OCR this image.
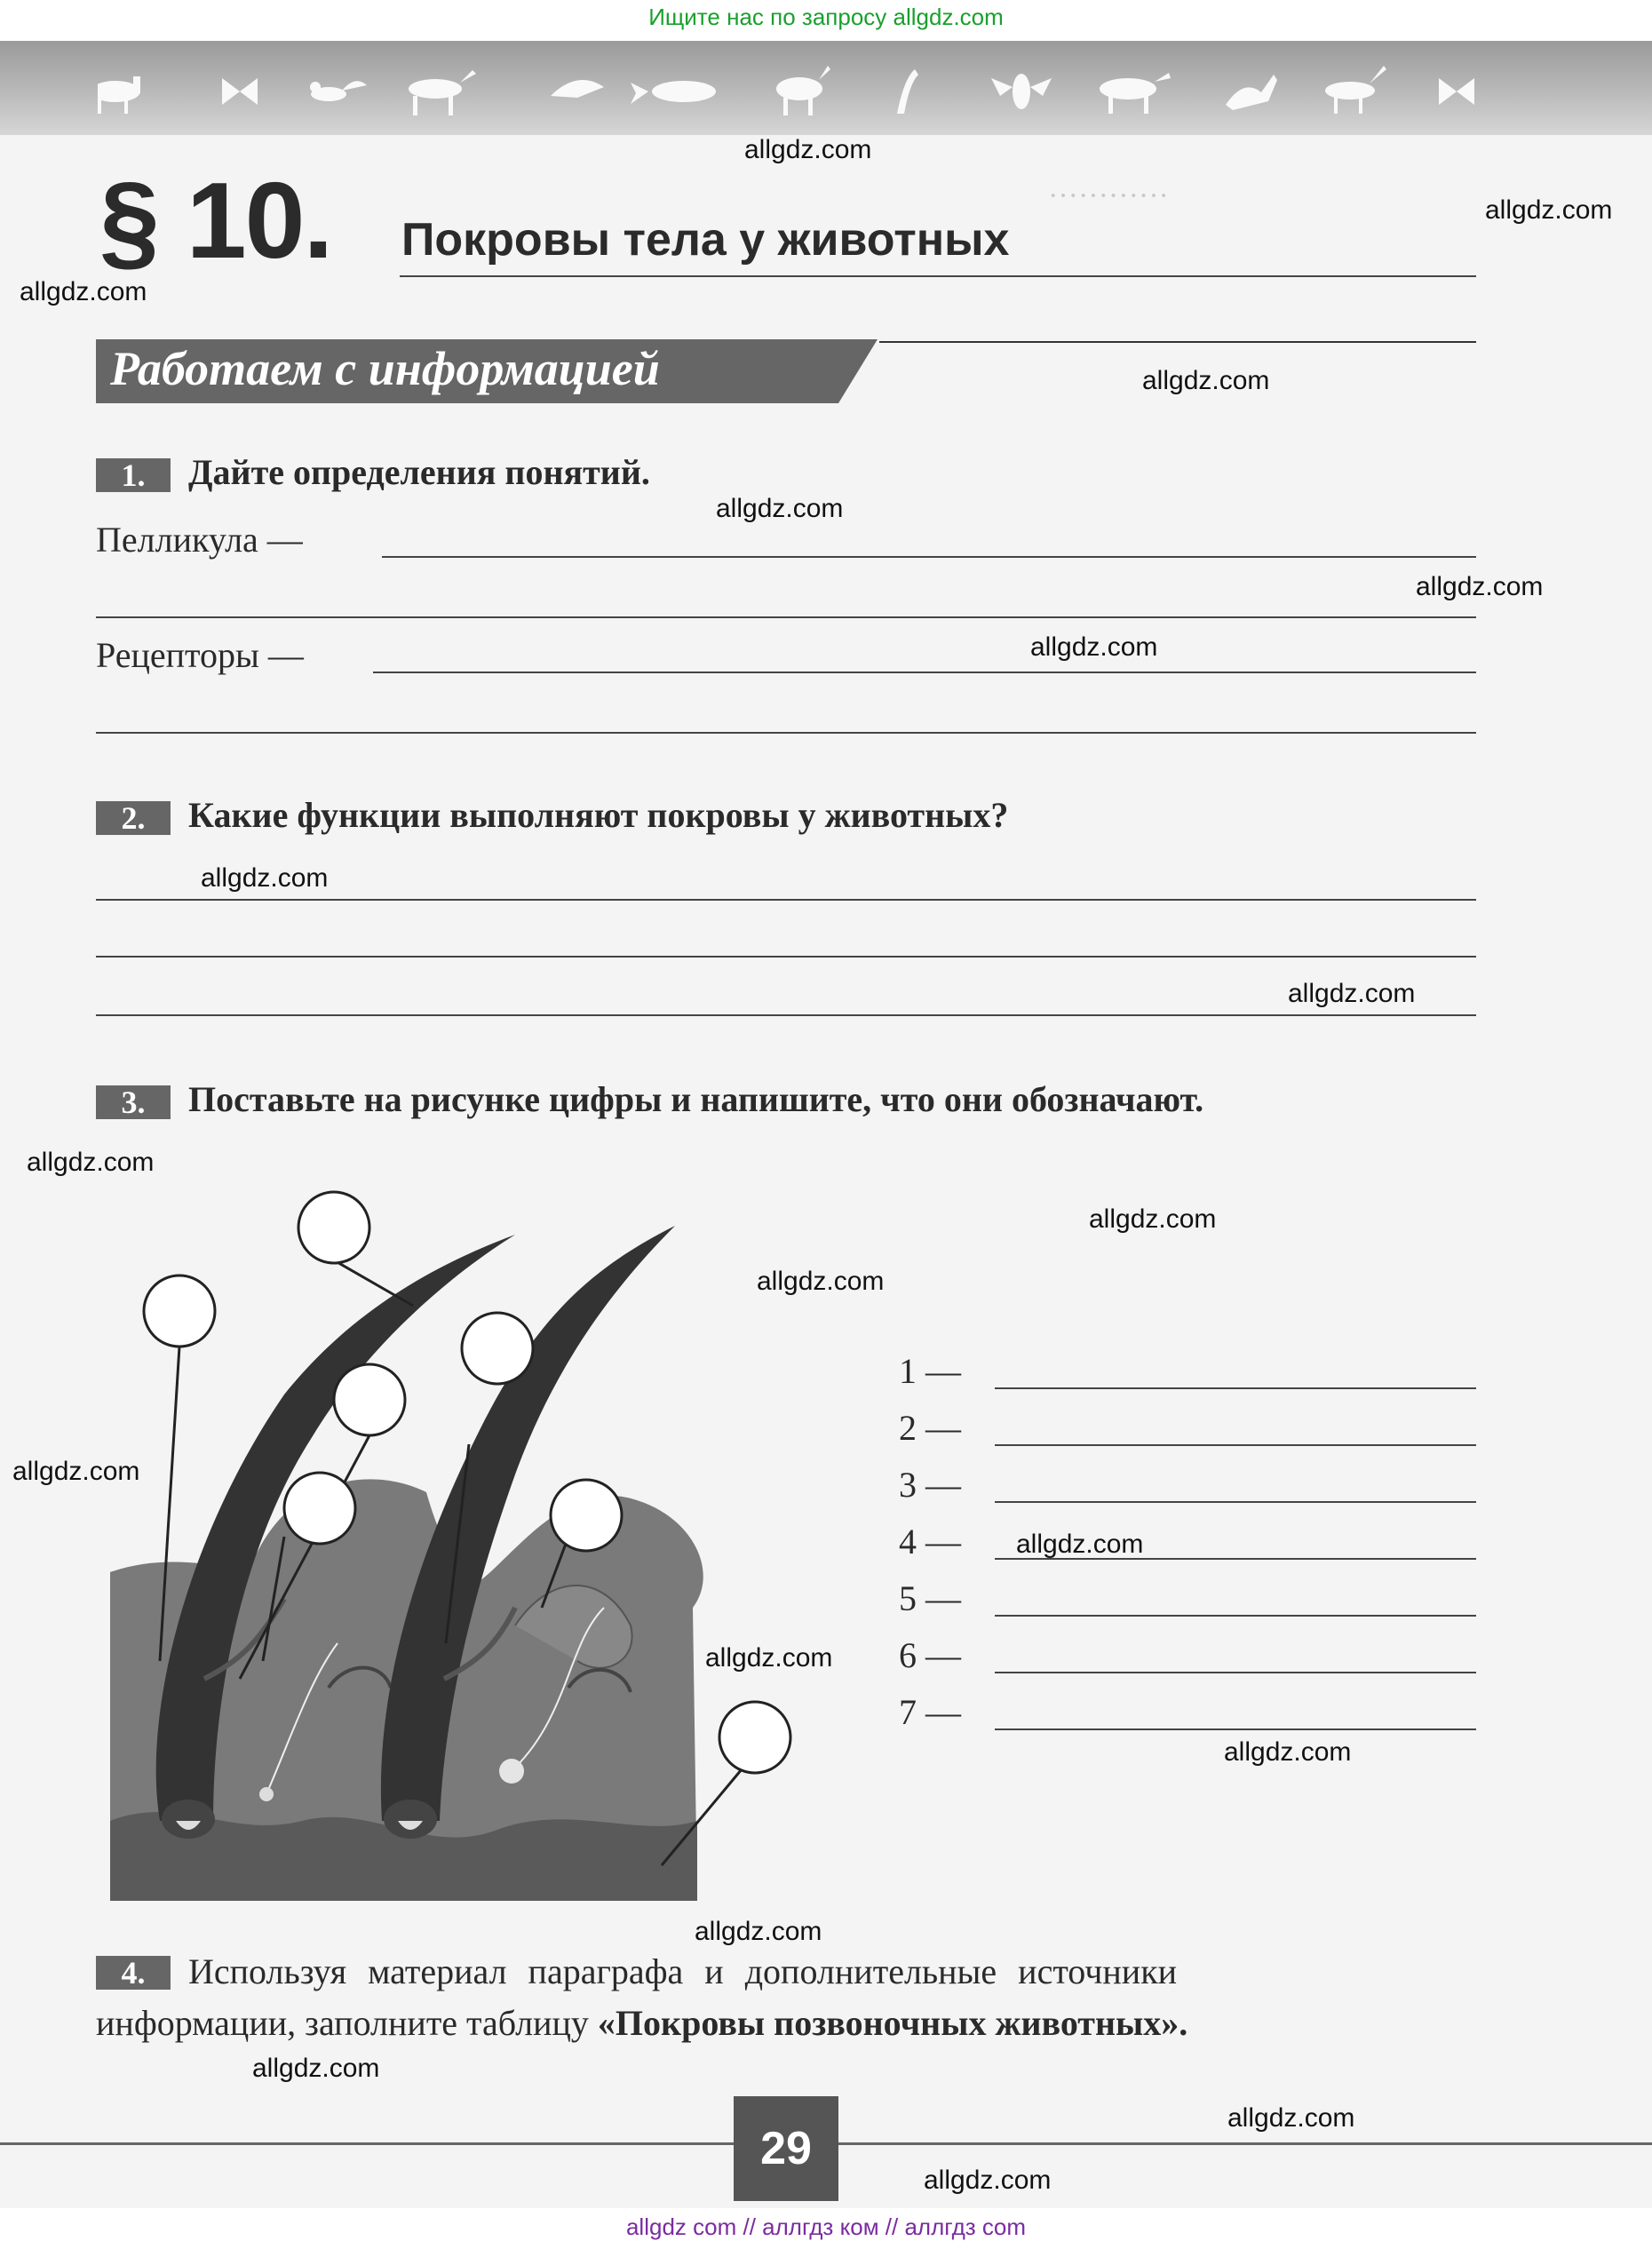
Ищите нас по запросу allgdz.com
············
§ 10. Покровы тела у животных
Работаем с информацией
1.	Дайте определения понятий.
Пелликула —
Рецепторы —
2.	Какие функции выполняют покровы у животных?
3.	Поставьте на рисунке цифры и напишите, что они обозначают.
1 —
2 —
3 —
4 —
5 —
6 —
7 —
4.	Используя материал параграфа и дополнительные источники
информации, заполните таблицу «Покровы позвоночных животных».
29
allgdz.com
allgdz.com
allgdz.com
allgdz.com
allgdz.com
allgdz.com
allgdz.com
allgdz.com
allgdz.com
allgdz.com
allgdz.com
allgdz.com
allgdz.com
allgdz.com
allgdz.com
allgdz.com
allgdz.com
allgdz.com
allgdz.com
allgdz.com
allgdz com // аллгдз ком // аллгдз com
